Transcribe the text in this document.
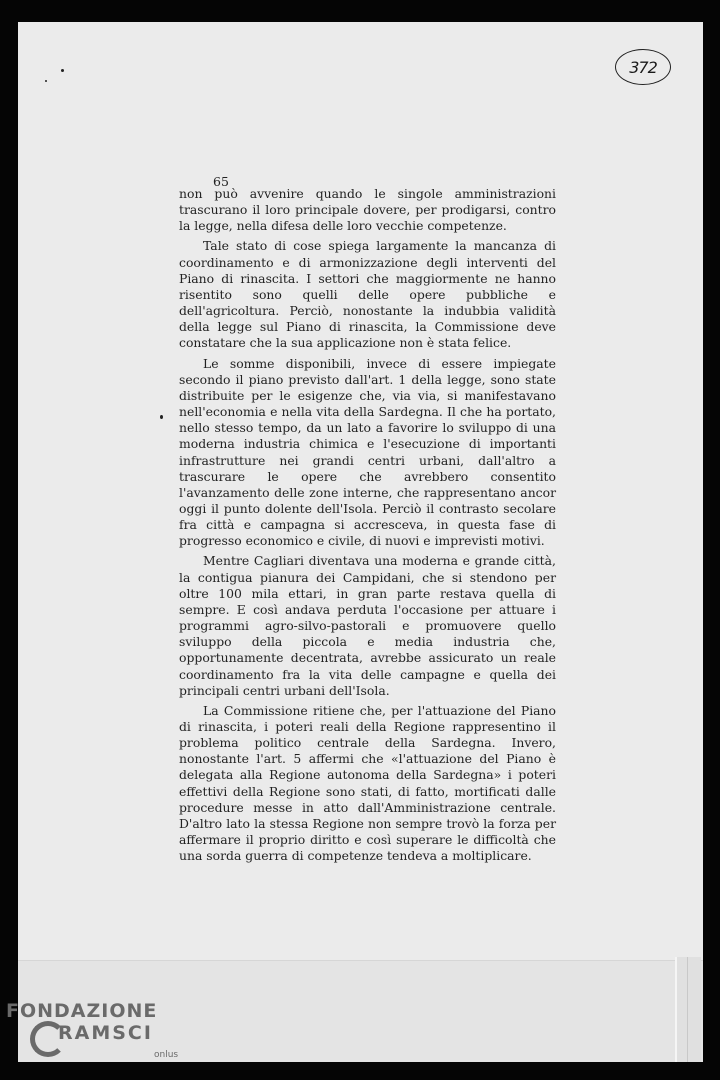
372
65

non può avvenire quando le singole amministrazioni trascurano il loro principale dovere, per prodigarsi, contro la legge, nella difesa delle loro vecchie competenze.

Tale stato di cose spiega largamente la mancanza di coordinamento e di armonizzazione degli interventi del Piano di rinascita. I settori che maggiormente ne hanno risentito sono quelli delle opere pubbliche e dell'agricoltura. Perciò, nonostante la indubbia validità della legge sul Piano di rinascita, la Commissione deve constatare che la sua applicazione non è stata felice.

Le somme disponibili, invece di essere impiegate secondo il piano previsto dall'art. 1 della legge, sono state distribuite per le esigenze che, via via, si manifestavano nell'economia e nella vita della Sardegna. Il che ha portato, nello stesso tempo, da un lato a favorire lo sviluppo di una moderna industria chimica e l'esecuzione di importanti infrastrutture nei grandi centri urbani, dall'altro a trascurare le opere che avrebbero consentito l'avanzamento delle zone interne, che rappresentano ancor oggi il punto dolente dell'Isola. Perciò il contrasto secolare fra città e campagna si accresceva, in questa fase di progresso economico e civile, di nuovi e imprevisti motivi.

Mentre Cagliari diventava una moderna e grande città, la contigua pianura dei Campidani, che si stendono per oltre 100 mila ettari, in gran parte restava quella di sempre. E così andava perduta l'occasione per attuare i programmi agro-silvo-pastorali e promuovere quello sviluppo della piccola e media industria che, opportunamente decentrata, avrebbe assicurato un reale coordinamento fra la vita delle campagne e quella dei principali centri urbani dell'Isola.

La Commissione ritiene che, per l'attuazione del Piano di rinascita, i poteri reali della Regione rappresentino il problema politico centrale della Sardegna. Invero, nonostante l'art. 5 affermi che «l'attuazione del Piano è delegata alla Regione autonoma della Sardegna» i poteri effettivi della Regione sono stati, di fatto, mortificati dalle procedure messe in atto dall'Amministrazione centrale. D'altro lato la stessa Regione non sempre trovò la forza per affermare il proprio diritto e così superare le difficoltà che una sorda guerra di competenze tendeva a moltiplicare.

FONDAZIONE
RAMSCI
onlus
